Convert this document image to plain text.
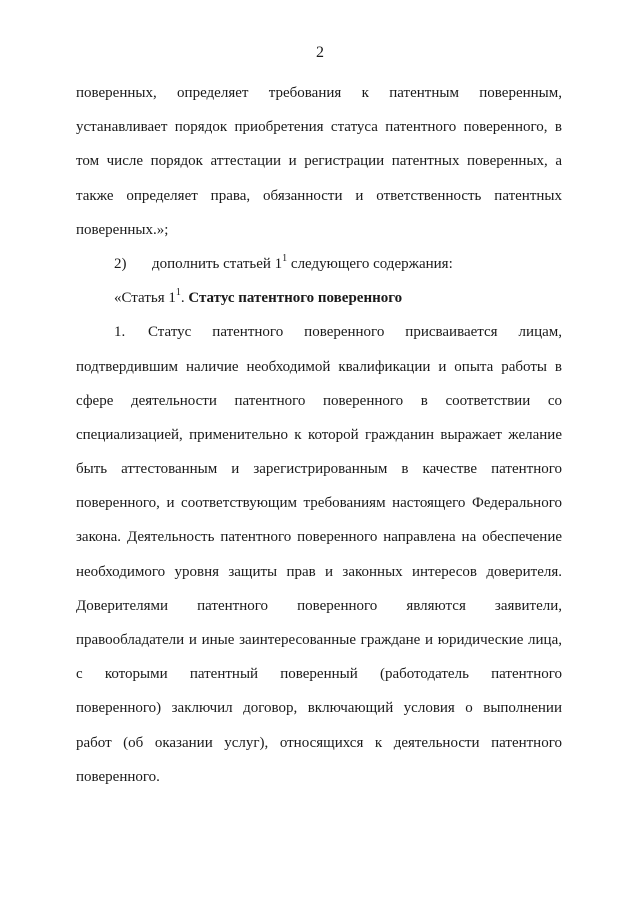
2
поверенных, определяет требования к патентным поверенным,
устанавливает порядок приобретения статуса патентного поверенного, в
том числе порядок аттестации и регистрации патентных поверенных, а
также определяет права, обязанности и ответственность патентных
поверенных.»;
2) дополнить статьей $1^1$ следующего содержания:
«Статья $1^1$. Статус патентного поверенного
1.	Статус патентного поверенного присваивается лицам,
подтвердившим наличие необходимой квалификации и опыта работы в
сфере деятельности патентного поверенного в соответствии со
специализацией, применительно к которой гражданин выражает желание
быть аттестованным и зарегистрированным в качестве патентного
поверенного, и соответствующим требованиям настоящего Федерального
закона. Деятельность патентного поверенного направлена на обеспечение
необходимого уровня защиты прав и законных интересов доверителя.
Доверителями патентного поверенного являются заявители,
правообладатели и иные заинтересованные граждане и юридические лица,
с которыми патентный поверенный (работодатель патентного
поверенного) заключил договор, включающий условия о выполнении
работ (об оказании услуг), относящихся к деятельности патентного
поверенного.
